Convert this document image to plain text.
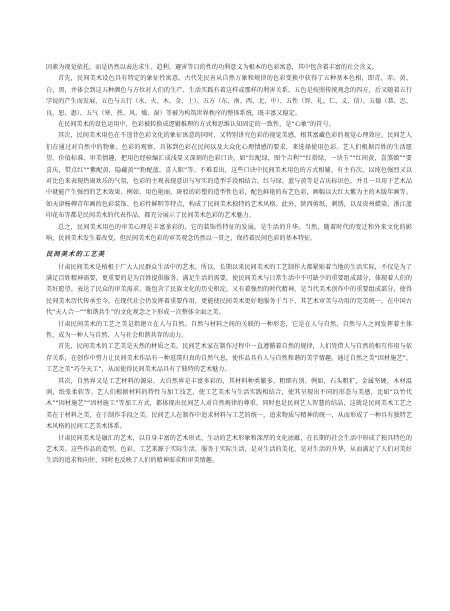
因素为视觉依托，而是仍然以表达求生、趋利、避害等目的性的功利意义为根本的色彩寓意，其中包含着丰富的社会含义。

首先，民间美术设色具有特定的象征性寓意。古代先民善从自然万象和规律的色彩变换中获得了五种基本色相，即青、赤、黄、白、黑，并体会到这五种颜色与方位对人们的生产、生活实践有着这样或那样的利害关系。五色是按照传统观念的四方，后又随着五行学说的产生而发展，五色与五行（水、火、木、金、土）、五方（东、南、西、北、中）、五性（智、礼、仁、义、信）、五德（恭、忠、良、恕、惠）、五气（寒、热、风、燥、湿）等被为构筑世界秩序的整体系统，既丰富又稳定。

在民间美术的设色运用中，色彩被转换成逻辑推理的方式和思维认知固定的一致性，是“心象”的符号。

其次，民间美术用色在不违背色彩文化的象征寓意的同时，又特别讲究色彩的视觉美感，根其富藏色彩的视觉心理效应。民间艺人们在通过对自然中的物象、色彩的观察，具体到色彩在民间以及大众化心理情感的要求，来选择使用色彩。艺人们根据百姓的生活愿望、价值标准、审美情趣，把用色经验编汇成浅显又深刻的色彩口诀，如“红配绿，图个吉利”“红搭绿，一块玉”“红间黄，喜煞娘”“要喜庆，带点红”“紫配黄，隐藏黄”“粉配蓝，喜人眼”等。不难看出，这些口诀中民间美术用色的方式相辅、有主有次，以纯色强烈又以对比色来表现热闹欢乐的气氛，色彩的主观表现意识与写实的造型手段相结合。红与绿、蓝与黄等是吉庆标识色，并且一旦用于艺术品中就能产生强烈的艺术效果。例如，用色艳丽、斑驳的彩塑的造型性色彩，配色鲜艳的布艺色彩，画幅以大红大紫为主的木版年画等。如天津杨柳青年画的色彩装饰、色彩性鲜明等特点，构成了民间美术独特的艺术风格。此外，陕西剪纸、刺绣，以及贵州蜡染、浙江蓝印花布等都是民间美术的代表作品，都充分展示了民间美术色彩的艺术魅力。

总之，民间美术用色的审美心理是丰富多彩的，它的装饰性特征的发展，是生活的升华。当然，随着时代的变迁和外来文化的影响，民间美术发生着改变，但民间美术色彩的审美观念仍然以一贯之，保持着民间色彩的基本特征。

民间美术的工艺美

甘肃民间美术是植根于广大人民群众生活中的艺术。所以，长期以来民间美术的工艺制作大都紧贴着当地的生活实际，不仅是为了满足百姓精神需要，更重要的是为百姓提供服务，满足生活的需要，使民间美术与日常生活中不可缺少的重要组成部分，体现着人们的美好愿望，表达了民众的审美需求，既包含了民族文化的历史积淀，又有着强烈的时代精神，是当代美术创作中的重要组成部分，使得民间美术历代传承至今，在现代社会仍发挥着重要作用，更能使民间美术更好地服务于当下，其艺术审美与功用的完美统一，在中国古代“天人合一”“和谐共生”的文化观念之下形成一次整体全面之美。

甘肃民间美术的工艺之美是指建立在人与自然、自然与材料之间的关联的一种形态，它是在人与自然、自然与人之间发挥着主体性，成为一种人与自然、人与社会和谐共存的动力。

首先，民间美术的工艺美是天然的材质之美。民间艺术家在制作过程中一直遵循着自然的规律，人们凭借人与自然的相互作用与依存关系，在创作中努力让民间美术作品有一种返璞归真的自然气息，使作品具有人与自然和谐的美学情趣。通过自然之美“因材施艺”，工艺之美“巧夺天工”，从而使得民间美术品具有了独特的艺术魅力。

其次，自然界又是工艺材料的源泉。大自然界是丰富多彩的，其材料种类繁多、粗细有别。例如，石头粗犷，金属坚硬，木材温润，纸张柔软等。艺人们根据材料的特性与加工技艺，使工艺美术与生活实践相结合，使其呈现出不同的形态与美感，比如“以竹代木”“因材施艺”“因材施工”等加工方式，都体现出民间艺人对自然规律的尊重，同时也是民间艺人智慧的结晶，这就是民间美术工艺之美在于材料之美，在于制作手段之美。民间艺人在制作中追求材料与工艺的统一，追求物质与精神的统一，从而形成了一种具有独特艺术风格的民间工艺美术体系。

甘肃民间美术是融汇的艺术，以自身丰富的艺术形式、生动的艺术形象和深厚的文化底蕴，在长期的社会生活中形成了独具特色的艺术美。这些作品的造型、色彩、工艺来源于实际生活，服务于实际生活，是对生活的美化，是对生活的升华，从而满足了人们对美好生活的追求和向往，同时也反映了人们的精神需求和审美情趣。
